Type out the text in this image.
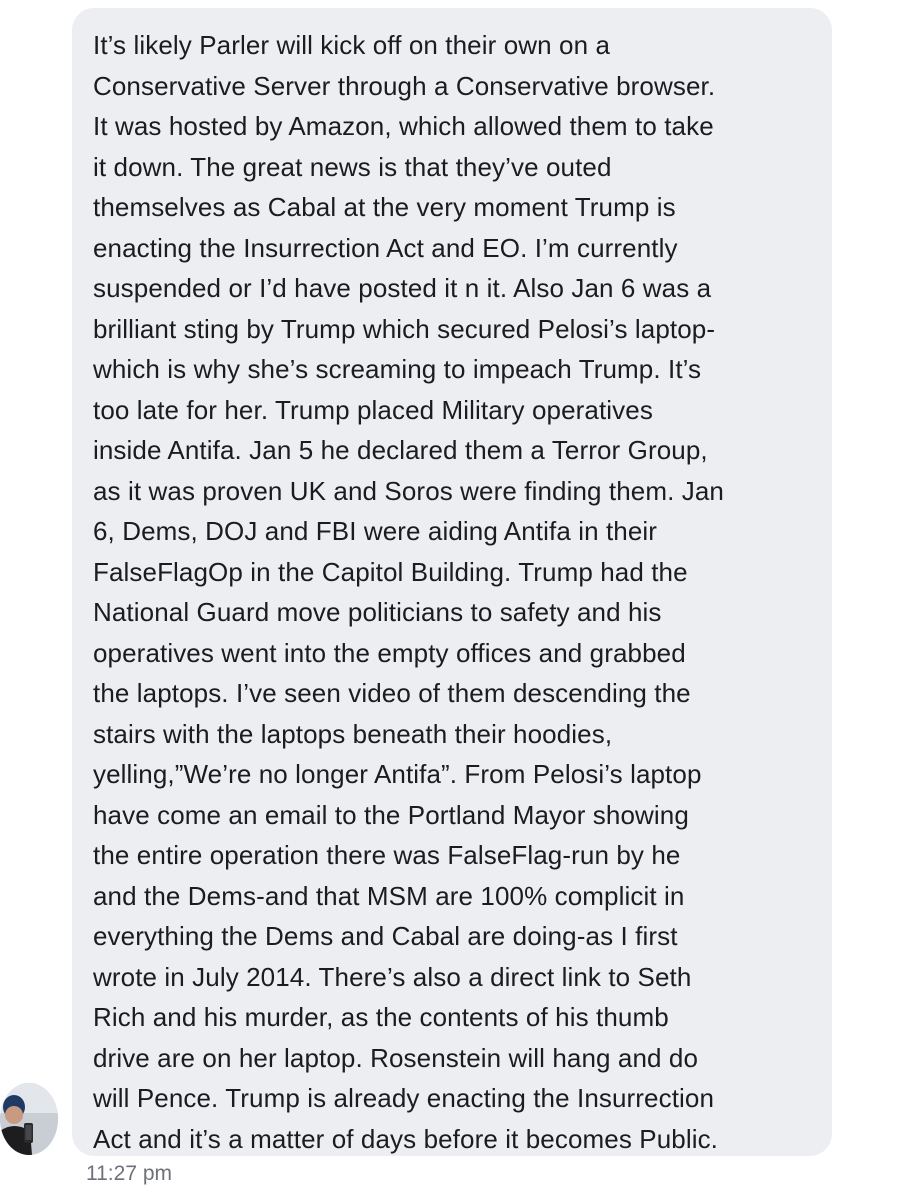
It’s likely Parler will kick off on their own on a
Conservative Server through a Conservative browser.
It was hosted by Amazon, which allowed them to take
it down. The great news is that they’ve outed
themselves as Cabal at the very moment Trump is
enacting the Insurrection Act and EO. I’m currently
suspended or I’d have posted it n it. Also Jan 6 was a
brilliant sting by Trump which secured Pelosi’s laptop-
which is why she’s screaming to impeach Trump. It’s
too late for her. Trump placed Military operatives
inside Antifa. Jan 5 he declared them a Terror Group,
as it was proven UK and Soros were finding them. Jan
6, Dems, DOJ and FBI were aiding Antifa in their
FalseFlagOp in the Capitol Building. Trump had the
National Guard move politicians to safety and his
operatives went into the empty offices and grabbed
the laptops. I’ve seen video of them descending the
stairs with the laptops beneath their hoodies,
yelling,”We’re no longer Antifa”. From Pelosi’s laptop
have come an email to the Portland Mayor showing
the entire operation there was FalseFlag-run by he
and the Dems-and that MSM are 100% complicit in
everything the Dems and Cabal are doing-as I first
wrote in July 2014. There’s also a direct link to Seth
Rich and his murder, as the contents of his thumb
drive are on her laptop. Rosenstein will hang and do
will Pence. Trump is already enacting the Insurrection
Act and it’s a matter of days before it becomes Public.
11:27 pm
